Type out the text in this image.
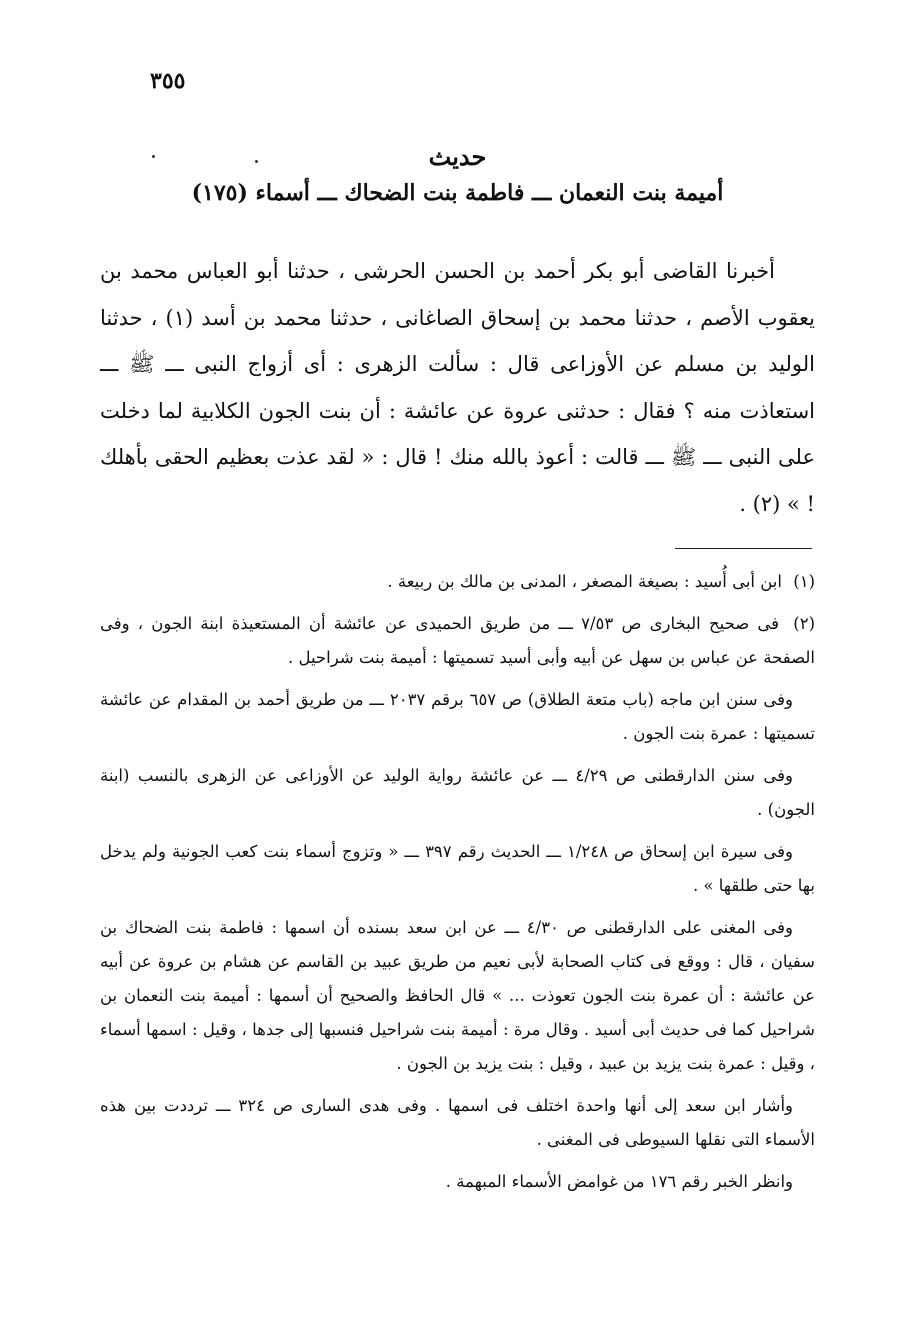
٣٥٥
حديث
(١٧٥) أميمة بنت النعمان ـــ فاطمة بنت الضحاك ـــ أسماء

أخبرنا القاضى أبو بكر أحمد بن الحسن الحرشى ، حدثنا أبو العباس محمد بن يعقوب الأصم ، حدثنا محمد بن إسحاق الصاغانى ، حدثنا محمد بن أسد (١) ، حدثنا الوليد بن مسلم عن الأوزاعى قال : سألت الزهرى : أى أزواج النبى ـــ ﷺ ـــ استعاذت منه ؟ فقال : حدثنى عروة عن عائشة : أن بنت الجون الكلابية لما دخلت على النبى ـــ ﷺ ـــ قالت : أعوذ بالله منك ! قال : « لقد عذت بعظيم الحقى بأهلك ! » (٢) .

(١) ابن أبى أُسيد : بصيغة المصغر ، المدنى بن مالك بن ربيعة .

(٢) فى صحيح البخارى ص ٧/٥٣ ـــ من طريق الحميدى عن عائشة أن المستعيذة ابنة الجون ، وفى الصفحة عن عباس بن سهل عن أبيه وأبى أسيد تسميتها : أميمة بنت شراحيل .

وفى سنن ابن ماجه (باب متعة الطلاق) ص ٦٥٧ برقم ٢٠٣٧ ـــ من طريق أحمد بن المقدام عن عائشة تسميتها : عمرة بنت الجون .

وفى سنن الدارقطنى ص ٤/٢٩ ـــ عن عائشة رواية الوليد عن الأوزاعى عن الزهرى بالنسب (ابنة الجون) .

وفى سيرة ابن إسحاق ص ١/٢٤٨ ـــ الحديث رقم ٣٩٧ ـــ « وتزوج أسماء بنت كعب الجونية ولم يدخل بها حتى طلقها » .

وفى المغنى على الدارقطنى ص ٤/٣٠ ـــ عن ابن سعد بسنده أن اسمها : فاطمة بنت الضحاك بن سفيان ، قال : ووقع فى كتاب الصحابة لأبى نعيم من طريق عبيد بن القاسم عن هشام بن عروة عن أبيه عن عائشة : أن عمرة بنت الجون تعوذت ... » قال الحافظ والصحيح أن أسمها : أميمة بنت النعمان بن شراحيل كما فى حديث أبى أسيد . وقال مرة : أميمة بنت شراحيل فنسبها إلى جدها ، وقيل : اسمها أسماء ، وقيل : عمرة بنت يزيد بن عبيد ، وقيل : بنت يزيد بن الجون .

وأشار ابن سعد إلى أنها واحدة اختلف فى اسمها . وفى هدى السارى ص ٣٢٤ ـــ ترددت بين هذه الأسماء التى نقلها السيوطى فى المغنى .

وانظر الخبر رقم ١٧٦ من غوامض الأسماء المبهمة .
